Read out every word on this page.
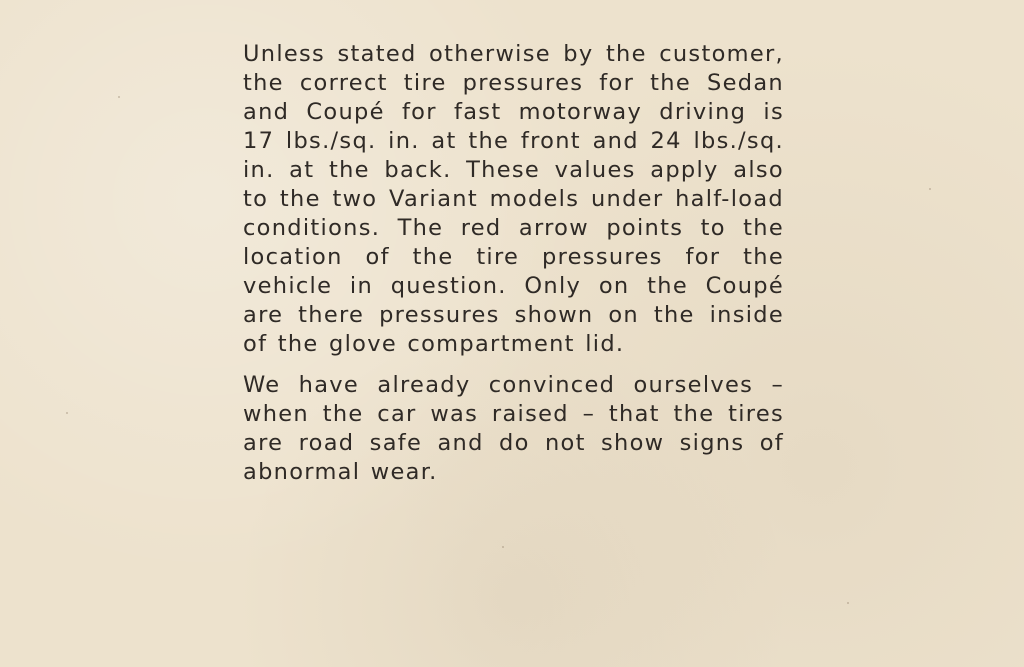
Unless stated otherwise by the customer, the correct tire pressures for the Sedan and Coupé for fast motorway driving is 17 lbs./sq. in. at the front and 24 lbs./sq. in. at the back. These values apply also to the two Variant models under half-load conditions. The red arrow points to the location of the tire pressures for the vehicle in question. Only on the Coupé are there pressures shown on the inside of the glove compartment lid.

We have already convinced ourselves – when the car was raised – that the tires are road safe and do not show signs of abnormal wear.
